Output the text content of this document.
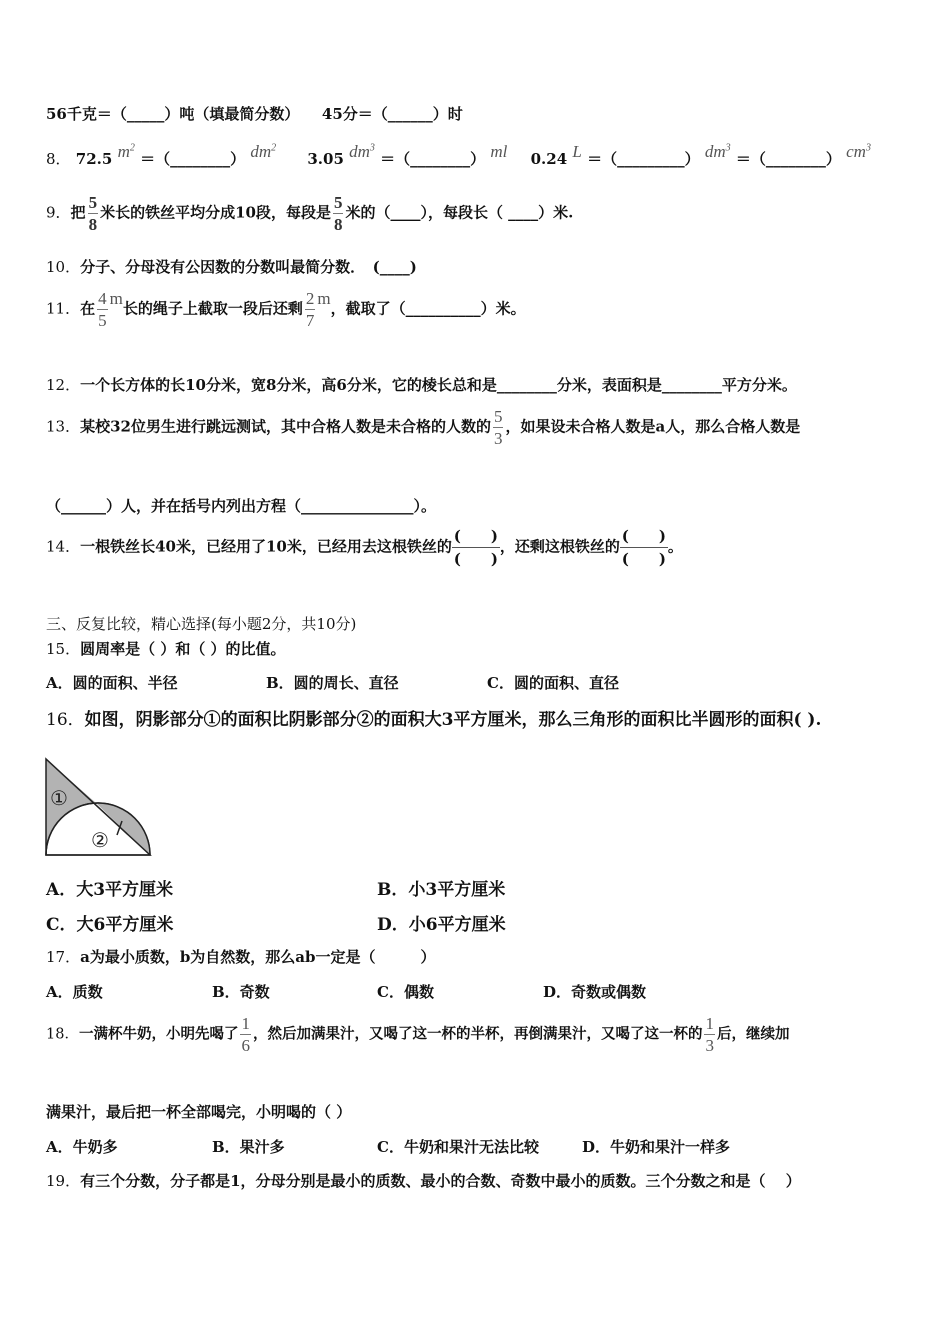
56千克＝（_____）吨（填最简分数）　　45分＝（______）时
8． 72.5 $m^2$ ＝（________） $dm^2$ 3.05 $dm^3$ ＝（________） ml 0.24 L ＝（_________） $dm^3$ ＝（________） $cm^3$
9．把 $\frac{5}{8}$ 米长的铁丝平均分成10段，每段是 $\frac{5}{8}$ 米的（____），每段长（ ____）米.
10．分子、分母没有公因数的分数叫最简分数．　(____)
11．在 $\frac{4}{5}$ m长的绳子上截取一段后还剩 $\frac{2}{7}$ m，截取了（__________）米。
12．一个长方体的长10分米，宽8分米，高6分米，它的棱长总和是________分米，表面积是________平方分米。
13．某校32位男生进行跳远测试，其中合格人数是未合格的人数的 $\frac{5}{3}$ ，如果设未合格人数是a人，那么合格人数是
（______）人，并在括号内列出方程（_______________）。
14．一根铁丝长40米，已经用了10米，已经用去这根铁丝的
(　　)
(　　)
，还剩这根铁丝的
(　　)
(　　)
。
三、反复比较，精心选择(每小题2分，共10分)
15．圆周率是（ ）和（ ）的比值。
A．圆的面积、半径	B．圆的周长、直径	C．圆的面积、直径
16．如图，阴影部分①的面积比阴影部分②的面积大3平方厘米，那么三角形的面积比半圆形的面积( ).
①
②
A．大3平方厘米	B．小3平方厘米
C．大6平方厘米	D．小6平方厘米
17．a为最小质数，b为自然数，那么ab一定是（　　　）
A．质数	B．奇数	C．偶数	D．奇数或偶数
18．一满杯牛奶，小明先喝了 $\frac{1}{6}$ ，然后加满果汁，又喝了这一杯的半杯，再倒满果汁，又喝了这一杯的 $\frac{1}{3}$ 后，继续加
满果汁，最后把一杯全部喝完，小明喝的（ ）
A．牛奶多	B．果汁多	C．牛奶和果汁无法比较	D．牛奶和果汁一样多
19．有三个分数，分子都是1，分母分别是最小的质数、最小的合数、奇数中最小的质数。三个分数之和是（　 ）
